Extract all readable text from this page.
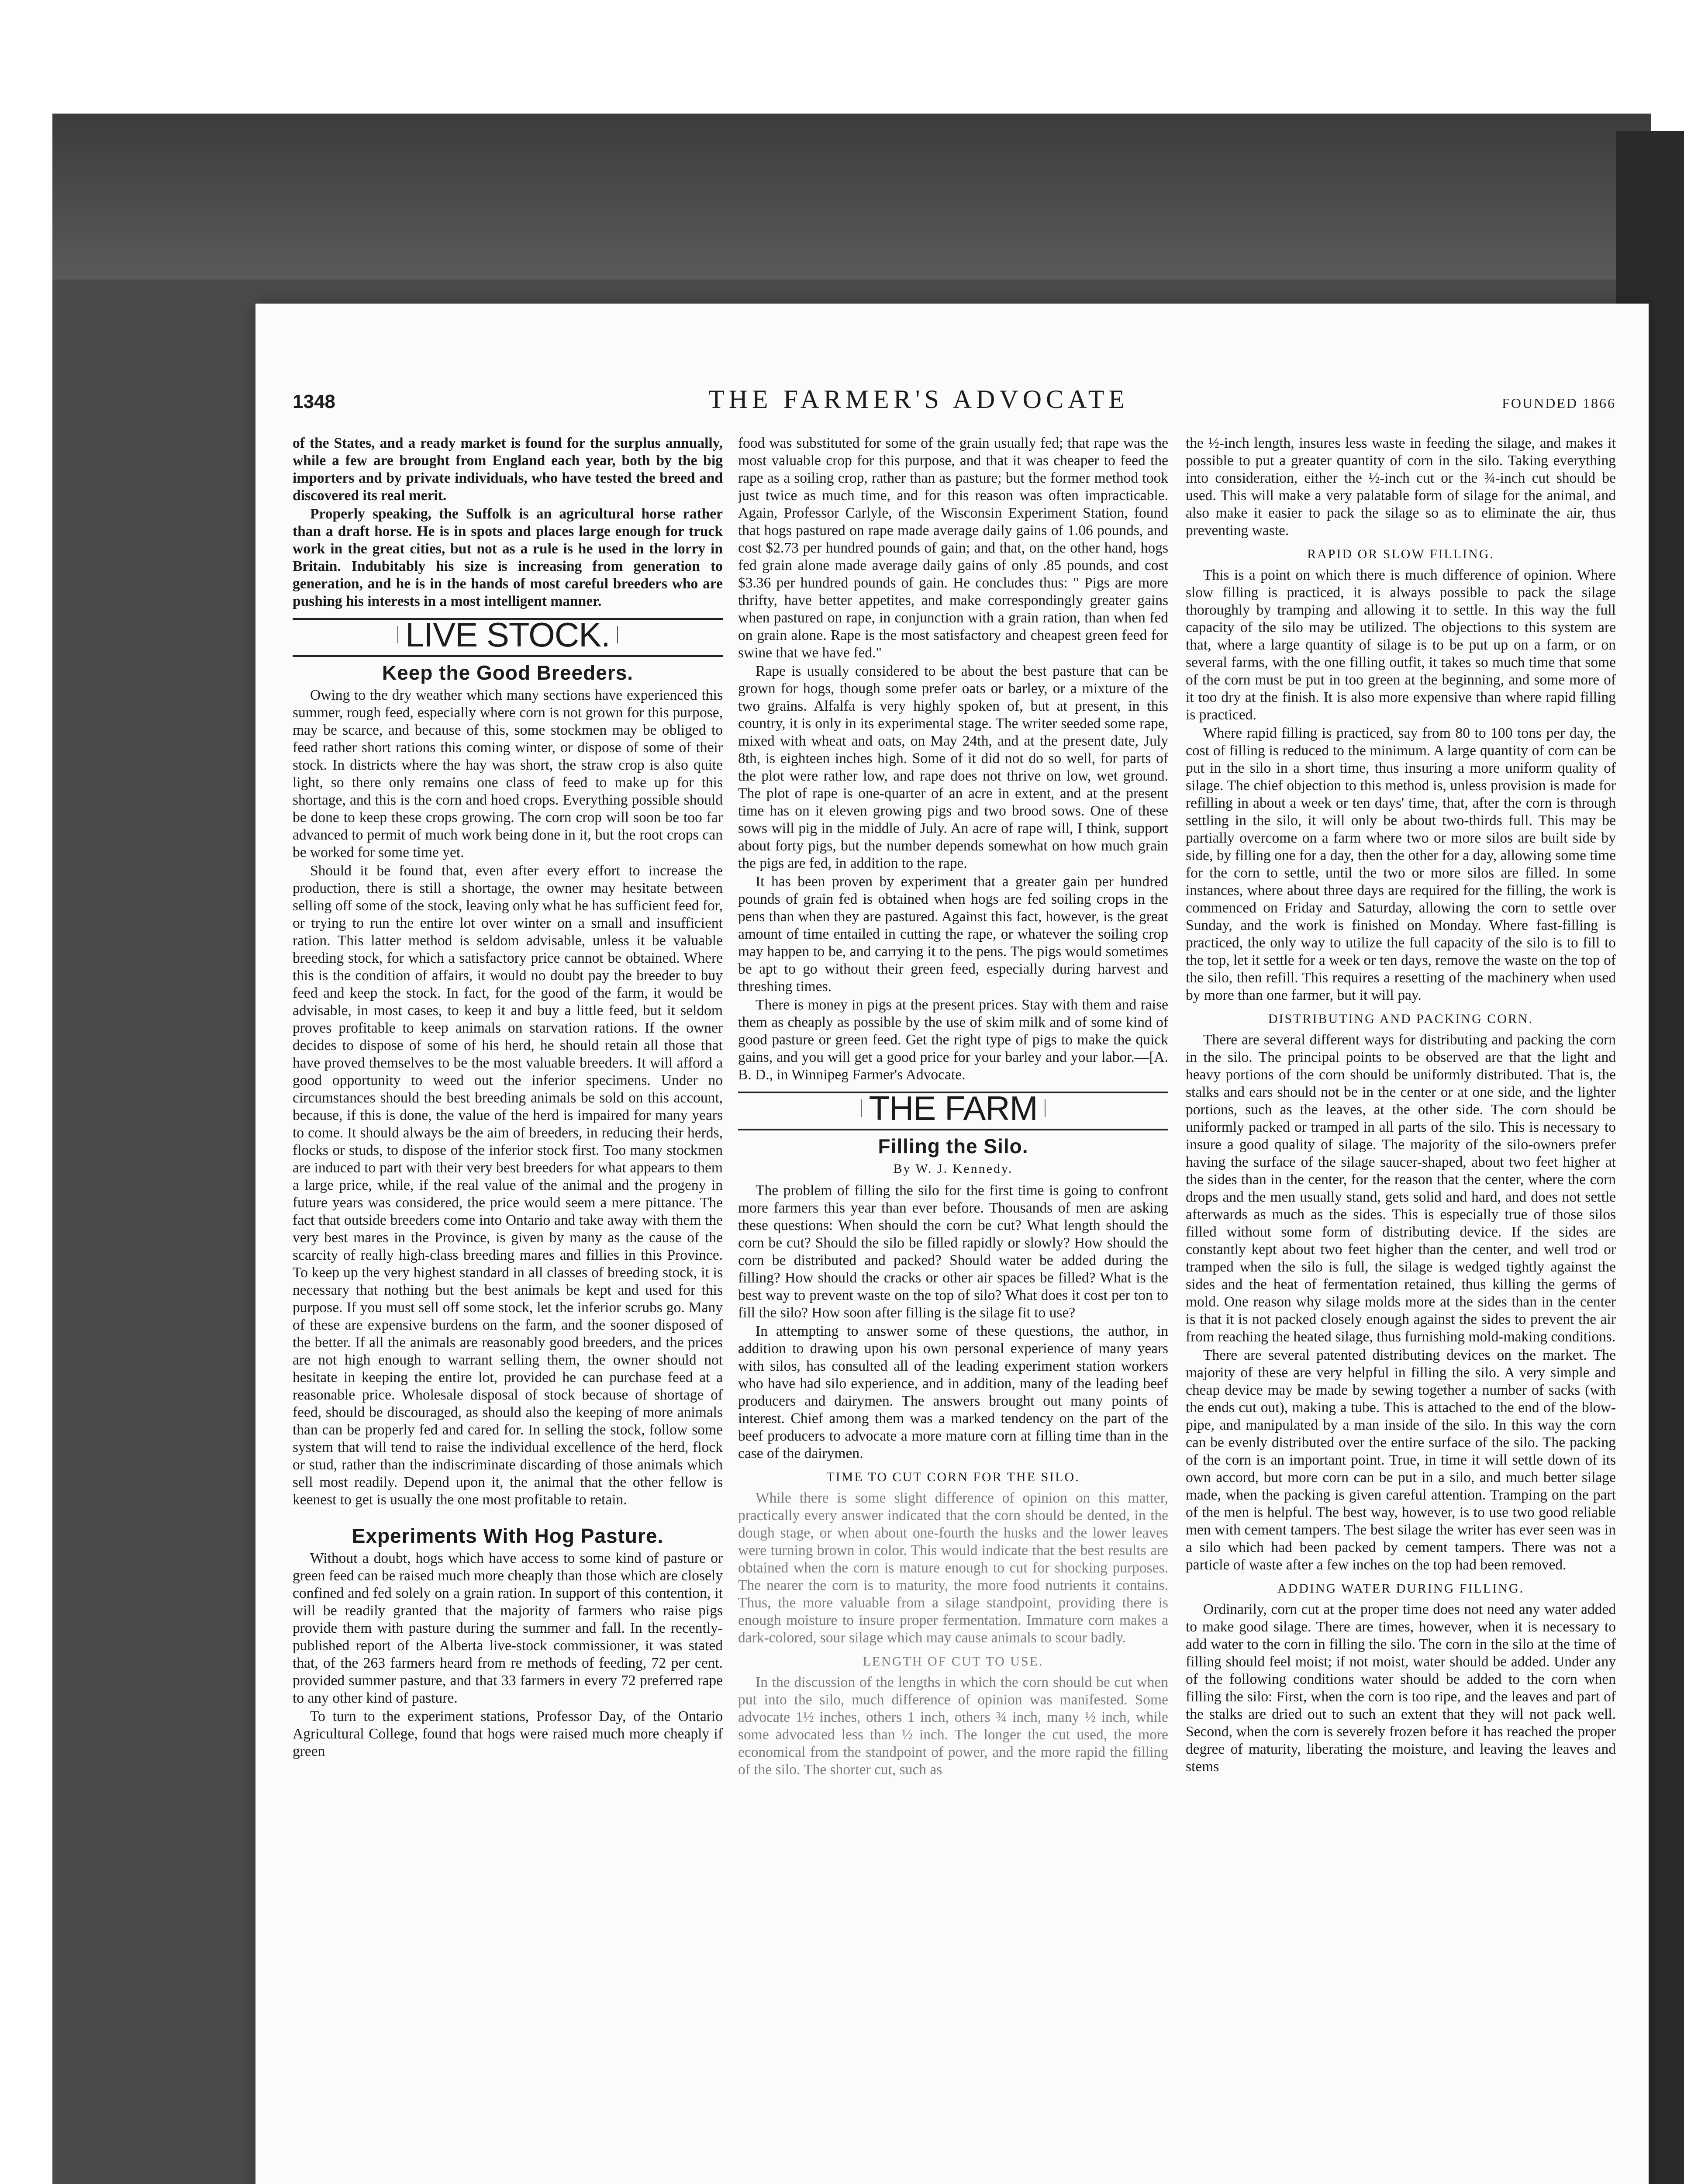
1348	THE FARMER'S ADVOCATE	FOUNDED 1866

of the States, and a ready market is found for the surplus annually, while a few are brought from England each year, both by the big importers and by private individuals, who have tested the breed and discovered its real merit.

Properly speaking, the Suffolk is an agricultural horse rather than a draft horse. He is in spots and places large enough for truck work in the great cities, but not as a rule is he used in the lorry in Britain. Indubitably his size is increasing from generation to generation, and he is in the hands of most careful breeders who are pushing his interests in a most intelligent manner.

LIVE STOCK.
Keep the Good Breeders.

Owing to the dry weather which many sections have experienced this summer, rough feed, especially where corn is not grown for this purpose, may be scarce, and because of this, some stockmen may be obliged to feed rather short rations this coming winter, or dispose of some of their stock. In districts where the hay was short, the straw crop is also quite light, so there only remains one class of feed to make up for this shortage, and this is the corn and hoed crops. Everything possible should be done to keep these crops growing. The corn crop will soon be too far advanced to permit of much work being done in it, but the root crops can be worked for some time yet.

Should it be found that, even after every effort to increase the production, there is still a shortage, the owner may hesitate between selling off some of the stock, leaving only what he has sufficient feed for, or trying to run the entire lot over winter on a small and insufficient ration. This latter method is seldom advisable, unless it be valuable breeding stock, for which a satisfactory price cannot be obtained. Where this is the condition of affairs, it would no doubt pay the breeder to buy feed and keep the stock. In fact, for the good of the farm, it would be advisable, in most cases, to keep it and buy a little feed, but it seldom proves profitable to keep animals on starvation rations. If the owner decides to dispose of some of his herd, he should retain all those that have proved themselves to be the most valuable breeders. It will afford a good opportunity to weed out the inferior specimens. Under no circumstances should the best breeding animals be sold on this account, because, if this is done, the value of the herd is impaired for many years to come. It should always be the aim of breeders, in reducing their herds, flocks or studs, to dispose of the inferior stock first. Too many stockmen are induced to part with their very best breeders for what appears to them a large price, while, if the real value of the animal and the progeny in future years was considered, the price would seem a mere pittance. The fact that outside breeders come into Ontario and take away with them the very best mares in the Province, is given by many as the cause of the scarcity of really high-class breeding mares and fillies in this Province. To keep up the very highest standard in all classes of breeding stock, it is necessary that nothing but the best animals be kept and used for this purpose. If you must sell off some stock, let the inferior scrubs go. Many of these are expensive burdens on the farm, and the sooner disposed of the better. If all the animals are reasonably good breeders, and the prices are not high enough to warrant selling them, the owner should not hesitate in keeping the entire lot, provided he can purchase feed at a reasonable price. Wholesale disposal of stock because of shortage of feed, should be discouraged, as should also the keeping of more animals than can be properly fed and cared for. In selling the stock, follow some system that will tend to raise the individual excellence of the herd, flock or stud, rather than the indiscriminate discarding of those animals which sell most readily. Depend upon it, the animal that the other fellow is keenest to get is usually the one most profitable to retain.

Experiments With Hog Pasture.

Without a doubt, hogs which have access to some kind of pasture or green feed can be raised much more cheaply than those which are closely confined and fed solely on a grain ration. In support of this contention, it will be readily granted that the majority of farmers who raise pigs provide them with pasture during the summer and fall. In the recently-published report of the Alberta live-stock commissioner, it was stated that, of the 263 farmers heard from re methods of feeding, 72 per cent. provided summer pasture, and that 33 farmers in every 72 preferred rape to any other kind of pasture.

To turn to the experiment stations, Professor Day, of the Ontario Agricultural College, found that hogs were raised much more cheaply if green

food was substituted for some of the grain usually fed; that rape was the most valuable crop for this purpose, and that it was cheaper to feed the rape as a soiling crop, rather than as pasture; but the former method took just twice as much time, and for this reason was often impracticable. Again, Professor Carlyle, of the Wisconsin Experiment Station, found that hogs pastured on rape made average daily gains of 1.06 pounds, and cost $2.73 per hundred pounds of gain; and that, on the other hand, hogs fed grain alone made average daily gains of only .85 pounds, and cost $3.36 per hundred pounds of gain. He concludes thus: " Pigs are more thrifty, have better appetites, and make correspondingly greater gains when pastured on rape, in conjunction with a grain ration, than when fed on grain alone. Rape is the most satisfactory and cheapest green feed for swine that we have fed."

Rape is usually considered to be about the best pasture that can be grown for hogs, though some prefer oats or barley, or a mixture of the two grains. Alfalfa is very highly spoken of, but at present, in this country, it is only in its experimental stage. The writer seeded some rape, mixed with wheat and oats, on May 24th, and at the present date, July 8th, is eighteen inches high. Some of it did not do so well, for parts of the plot were rather low, and rape does not thrive on low, wet ground. The plot of rape is one-quarter of an acre in extent, and at the present time has on it eleven growing pigs and two brood sows. One of these sows will pig in the middle of July. An acre of rape will, I think, support about forty pigs, but the number depends somewhat on how much grain the pigs are fed, in addition to the rape.

It has been proven by experiment that a greater gain per hundred pounds of grain fed is obtained when hogs are fed soiling crops in the pens than when they are pastured. Against this fact, however, is the great amount of time entailed in cutting the rape, or whatever the soiling crop may happen to be, and carrying it to the pens. The pigs would sometimes be apt to go without their green feed, especially during harvest and threshing times.

There is money in pigs at the present prices. Stay with them and raise them as cheaply as possible by the use of skim milk and of some kind of good pasture or green feed. Get the right type of pigs to make the quick gains, and you will get a good price for your barley and your labor.—[A. B. D., in Winnipeg Farmer's Advocate.

THE FARM
Filling the Silo.
By W. J. Kennedy.

The problem of filling the silo for the first time is going to confront more farmers this year than ever before. Thousands of men are asking these questions: When should the corn be cut? What length should the corn be cut? Should the silo be filled rapidly or slowly? How should the corn be distributed and packed? Should water be added during the filling? How should the cracks or other air spaces be filled? What is the best way to prevent waste on the top of silo? What does it cost per ton to fill the silo? How soon after filling is the silage fit to use?

In attempting to answer some of these questions, the author, in addition to drawing upon his own personal experience of many years with silos, has consulted all of the leading experiment station workers who have had silo experience, and in addition, many of the leading beef producers and dairymen. The answers brought out many points of interest. Chief among them was a marked tendency on the part of the beef producers to advocate a more mature corn at filling time than in the case of the dairymen.

TIME TO CUT CORN FOR THE SILO.

While there is some slight difference of opinion on this matter, practically every answer indicated that the corn should be dented, in the dough stage, or when about one-fourth the husks and the lower leaves were turning brown in color. This would indicate that the best results are obtained when the corn is mature enough to cut for shocking purposes. The nearer the corn is to maturity, the more food nutrients it contains. Thus, the more valuable from a silage standpoint, providing there is enough moisture to insure proper fermentation. Immature corn makes a dark-colored, sour silage which may cause animals to scour badly.

LENGTH OF CUT TO USE.

In the discussion of the lengths in which the corn should be cut when put into the silo, much difference of opinion was manifested. Some advocate 1½ inches, others 1 inch, others ¾ inch, many ½ inch, while some advocated less than ½ inch. The longer the cut used, the more economical from the standpoint of power, and the more rapid the filling of the silo. The shorter cut, such as

the ½-inch length, insures less waste in feeding the silage, and makes it possible to put a greater quantity of corn in the silo. Taking everything into consideration, either the ½-inch cut or the ¾-inch cut should be used. This will make a very palatable form of silage for the animal, and also make it easier to pack the silage so as to eliminate the air, thus preventing waste.

RAPID OR SLOW FILLING.

This is a point on which there is much difference of opinion. Where slow filling is practiced, it is always possible to pack the silage thoroughly by tramping and allowing it to settle. In this way the full capacity of the silo may be utilized. The objections to this system are that, where a large quantity of silage is to be put up on a farm, or on several farms, with the one filling outfit, it takes so much time that some of the corn must be put in too green at the beginning, and some more of it too dry at the finish. It is also more expensive than where rapid filling is practiced.

Where rapid filling is practiced, say from 80 to 100 tons per day, the cost of filling is reduced to the minimum. A large quantity of corn can be put in the silo in a short time, thus insuring a more uniform quality of silage. The chief objection to this method is, unless provision is made for refilling in about a week or ten days' time, that, after the corn is through settling in the silo, it will only be about two-thirds full. This may be partially overcome on a farm where two or more silos are built side by side, by filling one for a day, then the other for a day, allowing some time for the corn to settle, until the two or more silos are filled. In some instances, where about three days are required for the filling, the work is commenced on Friday and Saturday, allowing the corn to settle over Sunday, and the work is finished on Monday. Where fast-filling is practiced, the only way to utilize the full capacity of the silo is to fill to the top, let it settle for a week or ten days, remove the waste on the top of the silo, then refill. This requires a resetting of the machinery when used by more than one farmer, but it will pay.

DISTRIBUTING AND PACKING CORN.

There are several different ways for distributing and packing the corn in the silo. The principal points to be observed are that the light and heavy portions of the corn should be uniformly distributed. That is, the stalks and ears should not be in the center or at one side, and the lighter portions, such as the leaves, at the other side. The corn should be uniformly packed or tramped in all parts of the silo. This is necessary to insure a good quality of silage. The majority of the silo-owners prefer having the surface of the silage saucer-shaped, about two feet higher at the sides than in the center, for the reason that the center, where the corn drops and the men usually stand, gets solid and hard, and does not settle afterwards as much as the sides. This is especially true of those silos filled without some form of distributing device. If the sides are constantly kept about two feet higher than the center, and well trod or tramped when the silo is full, the silage is wedged tightly against the sides and the heat of fermentation retained, thus killing the germs of mold. One reason why silage molds more at the sides than in the center is that it is not packed closely enough against the sides to prevent the air from reaching the heated silage, thus furnishing mold-making conditions.

There are several patented distributing devices on the market. The majority of these are very helpful in filling the silo. A very simple and cheap device may be made by sewing together a number of sacks (with the ends cut out), making a tube. This is attached to the end of the blow-pipe, and manipulated by a man inside of the silo. In this way the corn can be evenly distributed over the entire surface of the silo. The packing of the corn is an important point. True, in time it will settle down of its own accord, but more corn can be put in a silo, and much better silage made, when the packing is given careful attention. Tramping on the part of the men is helpful. The best way, however, is to use two good reliable men with cement tampers. The best silage the writer has ever seen was in a silo which had been packed by cement tampers. There was not a particle of waste after a few inches on the top had been removed.

ADDING WATER DURING FILLING.

Ordinarily, corn cut at the proper time does not need any water added to make good silage. There are times, however, when it is necessary to add water to the corn in filling the silo. The corn in the silo at the time of filling should feel moist; if not moist, water should be added. Under any of the following conditions water should be added to the corn when filling the silo: First, when the corn is too ripe, and the leaves and part of the stalks are dried out to such an extent that they will not pack well. Second, when the corn is severely frozen before it has reached the proper degree of maturity, liberating the moisture, and leaving the leaves and stems
